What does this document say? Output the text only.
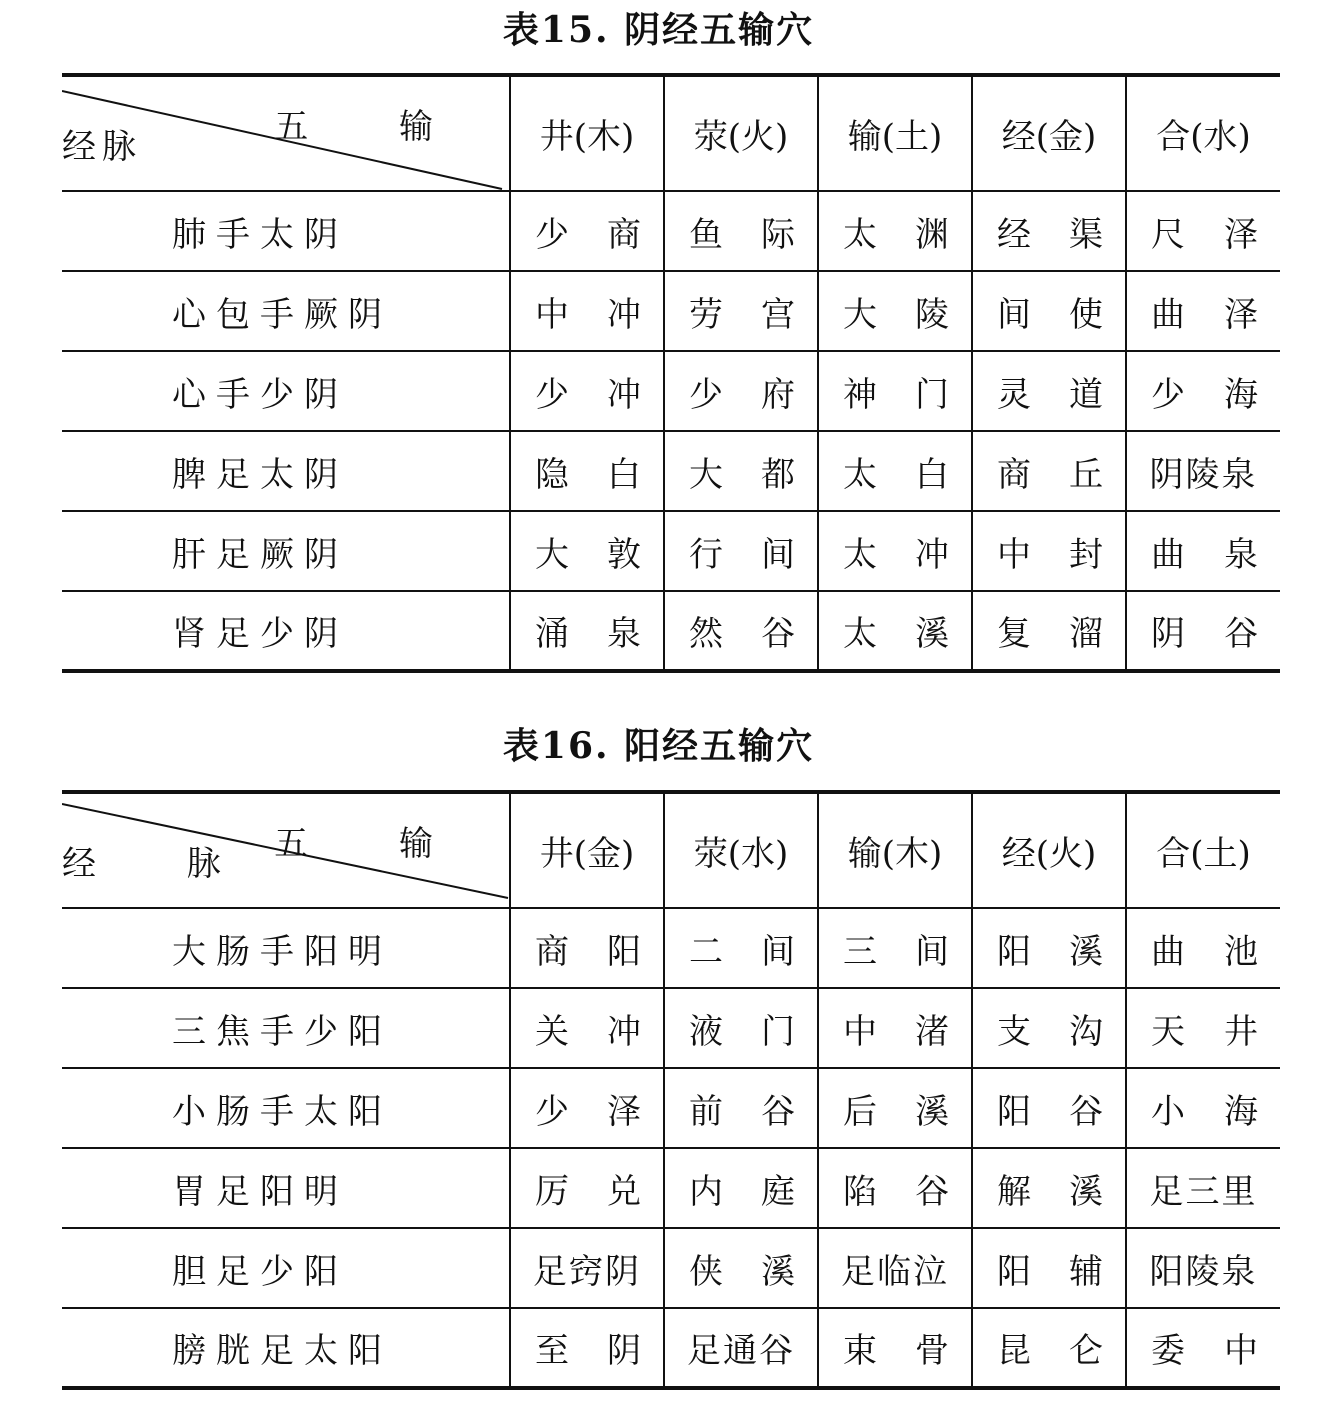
表15. 阴经五输穴
五 输
经脉	井(木)	荥(火)	输(土)	经(金)	合(水)
肺手太阴	少 商	鱼 际	太 渊	经 渠	尺 泽

心包手厥阴	中 冲	劳 宫	大 陵	间 使	曲 泽

心手少阴	少 冲	少 府	神 门	灵 道	少 海

脾足太阴	隐 白	大 都	太 白	商 丘	阴陵泉

肝足厥阴	大 敦	行 间	太 冲	中 封	曲 泉

肾足少阴	涌 泉	然 谷	太 溪	复 溜	阴 谷
表16. 阳经五输穴
五 输
经 脉	井(金)	荥(水)	输(木)	经(火)	合(土)
大肠手阳明	商 阳	二 间	三 间	阳 溪	曲 池

三焦手少阳	关 冲	液 门	中 渚	支 沟	天 井

小肠手太阳	少 泽	前 谷	后 溪	阳 谷	小 海

胃足阳明	厉 兑	内 庭	陷 谷	解 溪	足三里

胆足少阳	足窍阴	侠 溪	足临泣	阳 辅	阳陵泉

膀胱足太阳	至 阴	足通谷	束 骨	昆 仑	委 中
